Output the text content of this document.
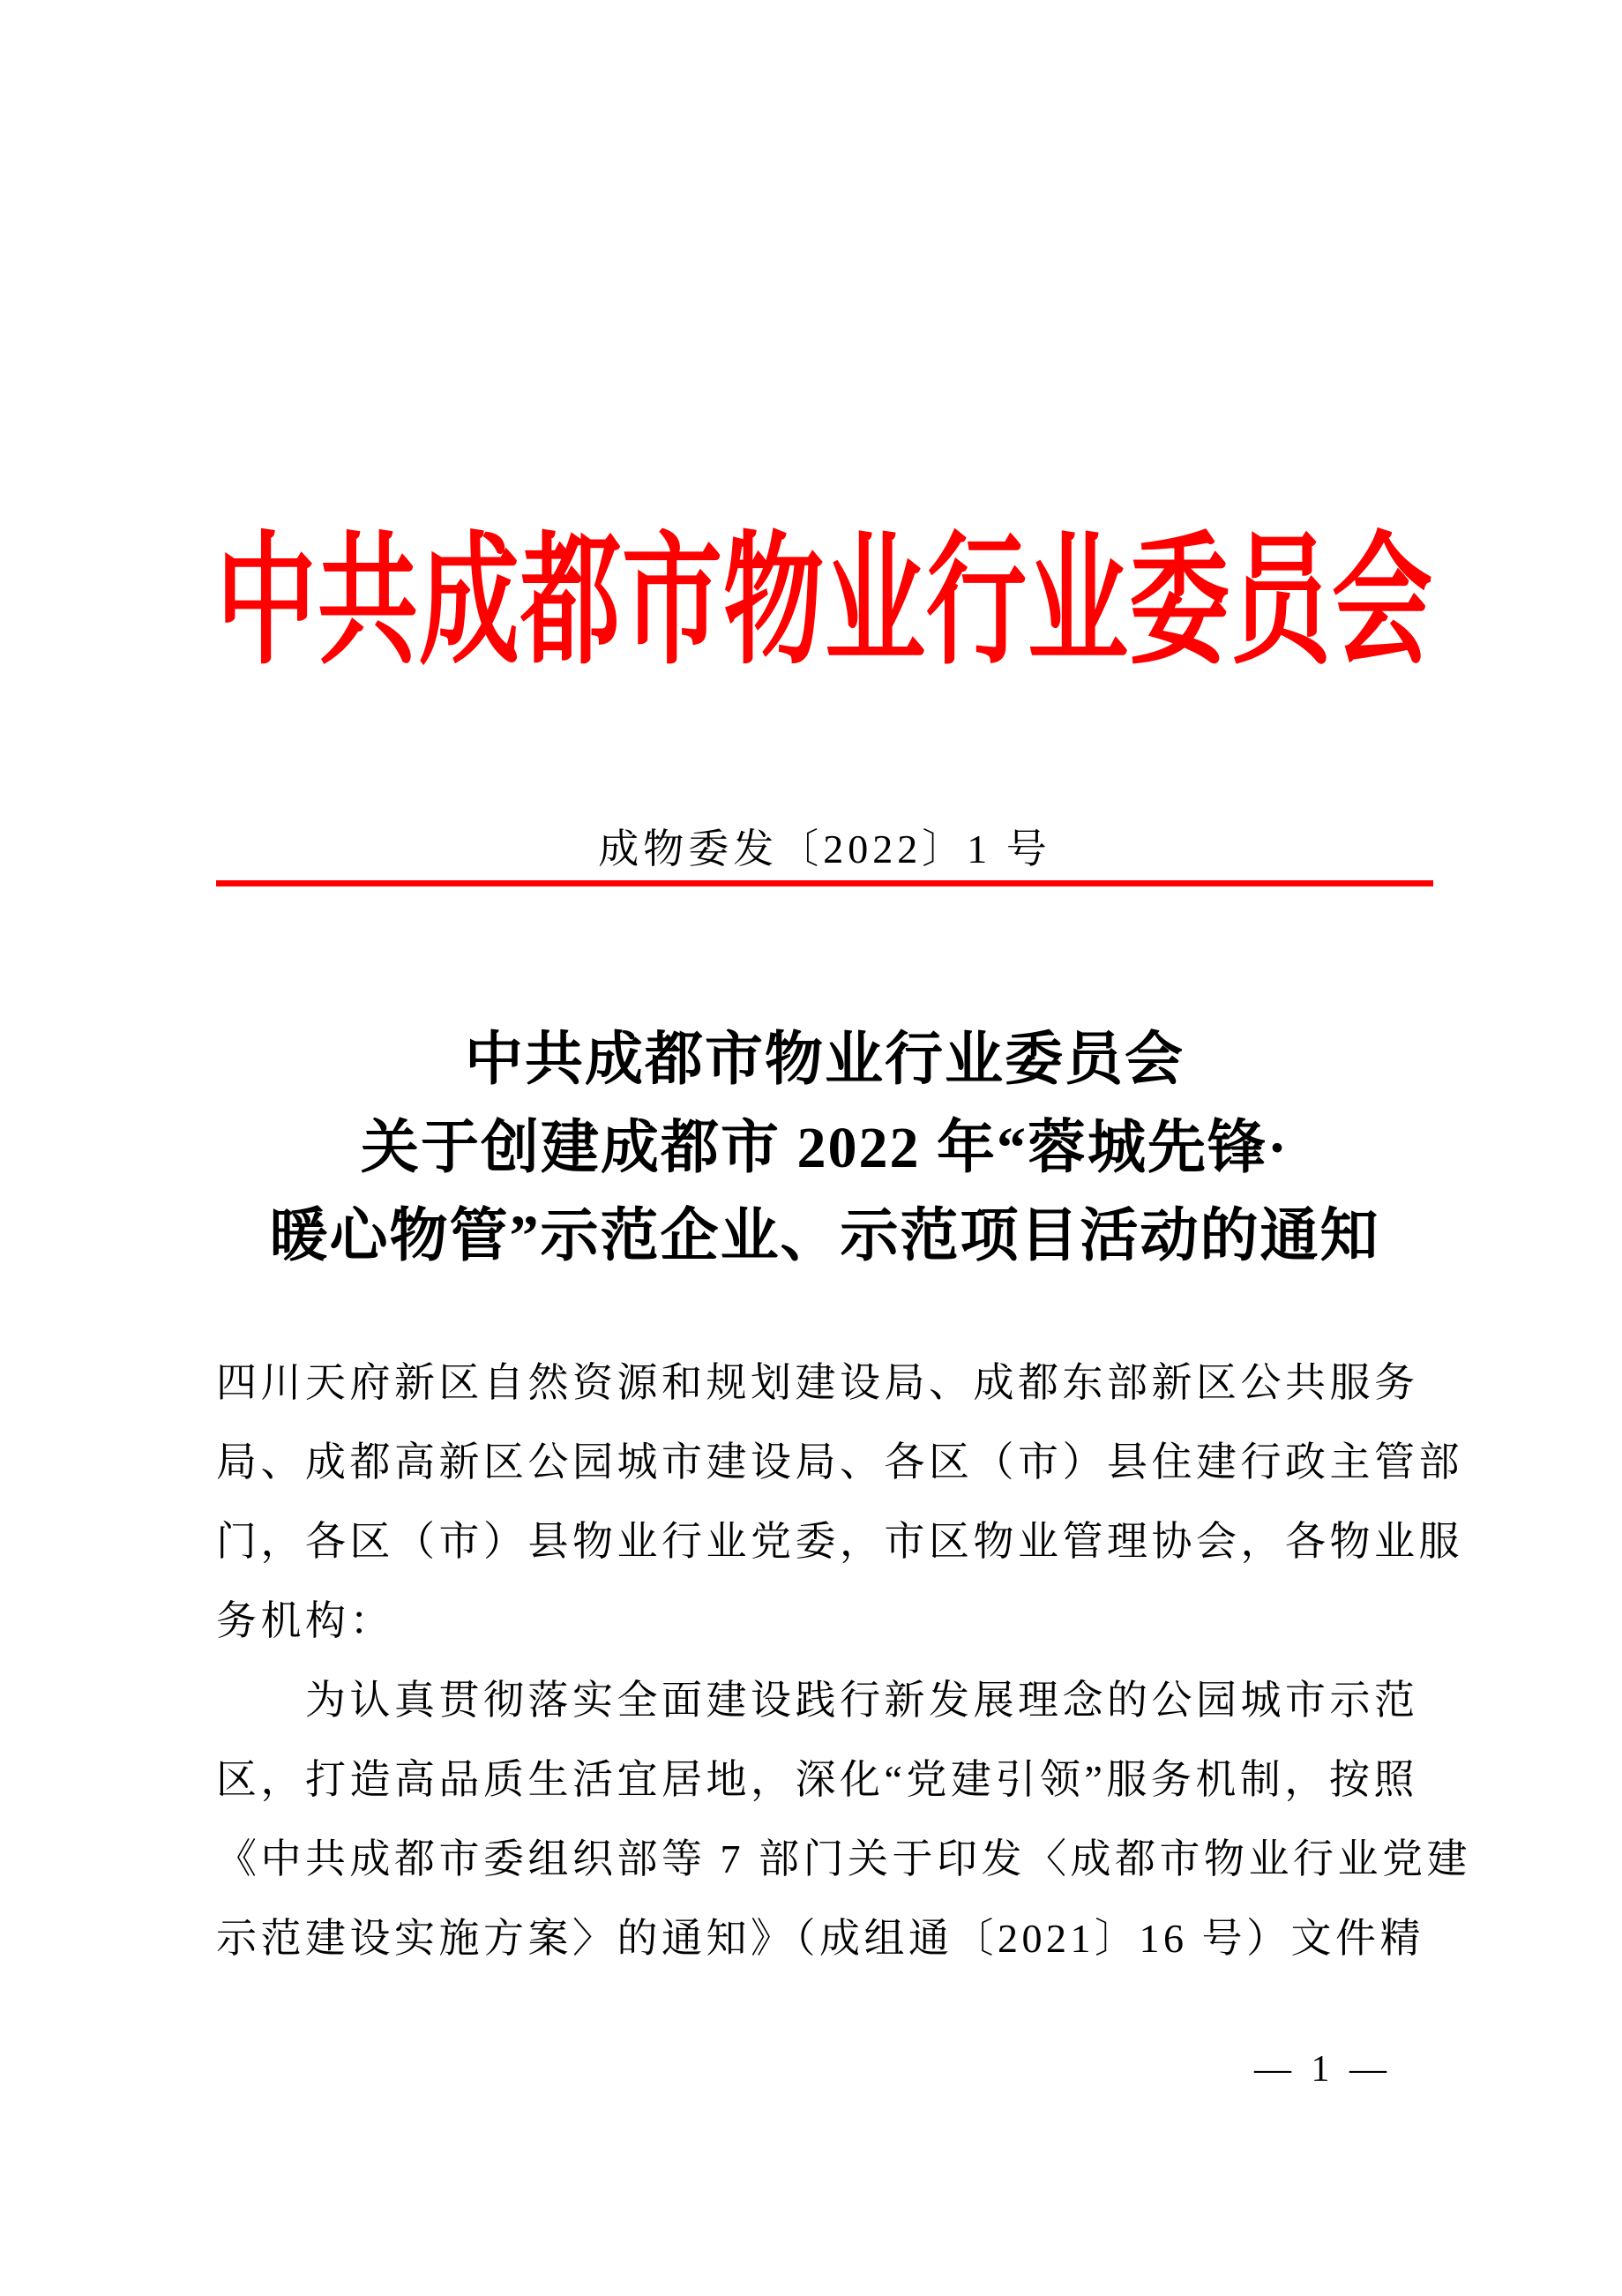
中共成都市物业行业委员会
成物委发〔2022〕1 号
中共成都市物业行业委员会
关于创建成都市 2022 年“蓉城先锋·
暖心物管”示范企业、示范项目活动的通知
四川天府新区自然资源和规划建设局、成都东部新区公共服务
局、成都高新区公园城市建设局、各区（市）县住建行政主管部
门，各区（市）县物业行业党委，市区物业管理协会，各物业服
务机构：
为认真贯彻落实全面建设践行新发展理念的公园城市示范
区，打造高品质生活宜居地，深化“党建引领”服务机制，按照
《中共成都市委组织部等 7 部门关于印发〈成都市物业行业党建
示范建设实施方案〉的通知》（成组通〔2021〕16 号）文件精
— 1 —
